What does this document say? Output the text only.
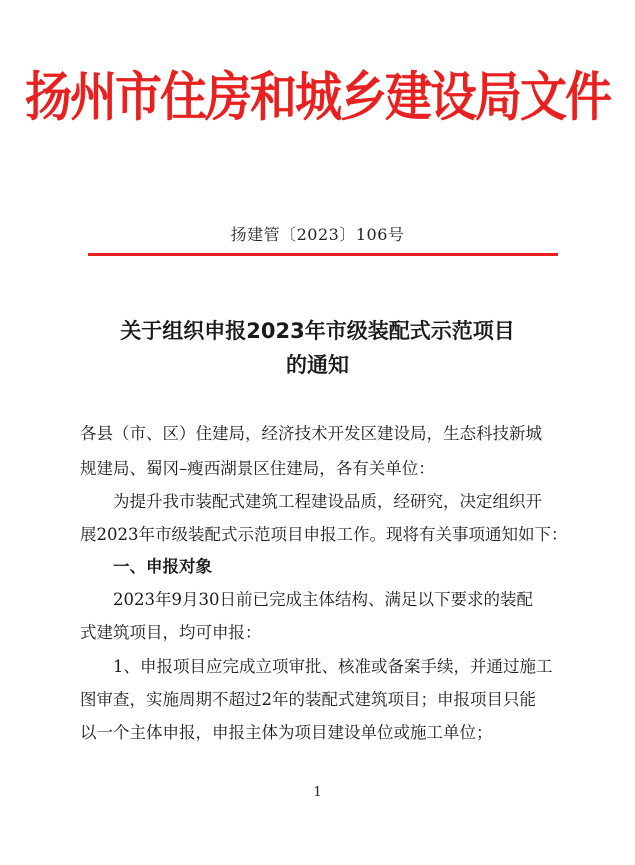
扬州市住房和城乡建设局文件
扬建管〔2023〕106号
关于组织申报2023年市级装配式示范项目
的通知
各县（市、区）住建局，经济技术开发区建设局，生态科技新城
规建局、蜀冈–瘦西湖景区住建局，各有关单位：
为提升我市装配式建筑工程建设品质，经研究，决定组织开
展2023年市级装配式示范项目申报工作。现将有关事项通知如下：
一、申报对象
2023年9月30日前已完成主体结构、满足以下要求的装配
式建筑项目，均可申报：
1、申报项目应完成立项审批、核准或备案手续，并通过施工
图审查，实施周期不超过2年的装配式建筑项目；申报项目只能
以一个主体申报，申报主体为项目建设单位或施工单位；
1
